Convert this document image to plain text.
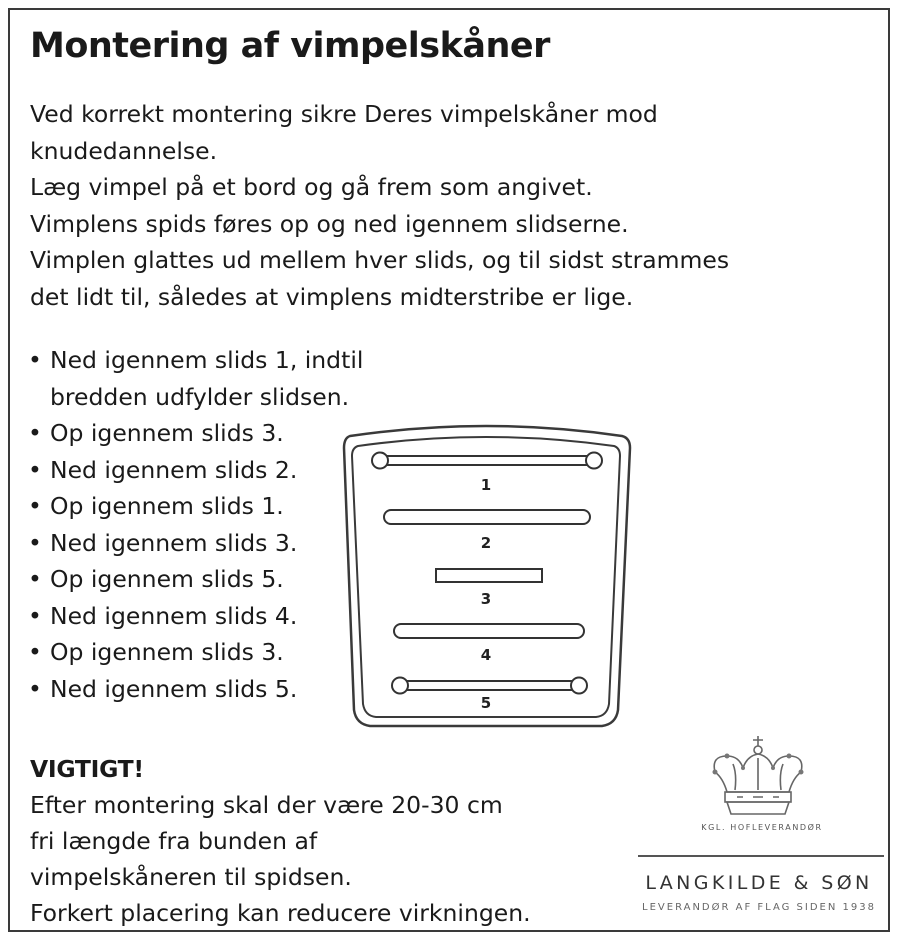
Montering af vimpelskåner

Ved korrekt montering sikre Deres vimpelskåner mod
knudedannelse.
Læg vimpel på et bord og gå frem som angivet.
Vimplens spids føres op og ned igennem slidserne.
Vimplen glattes ud mellem hver slids, og til sidst strammes
det lidt til, således at vimplens midterstribe er lige.

• Ned igennem slids 1, indtil bredden udfylder slidsen.
• Op igennem slids 3.
• Ned igennem slids 2.
• Op igennem slids 1.
• Ned igennem slids 3.
• Op igennem slids 5.
• Ned igennem slids 4.
• Op igennem slids 3.
• Ned igennem slids 5.
1
2
3
4
5
VIGTIGT!

Efter montering skal der være 20-30 cm
fri længde fra bunden af
vimpelskåneren til spidsen.
Forkert placering kan reducere virkningen.

KGL. HOFLEVERANDØR
LANGKILDE & SØN
LEVERANDØR AF FLAG SIDEN 1938
